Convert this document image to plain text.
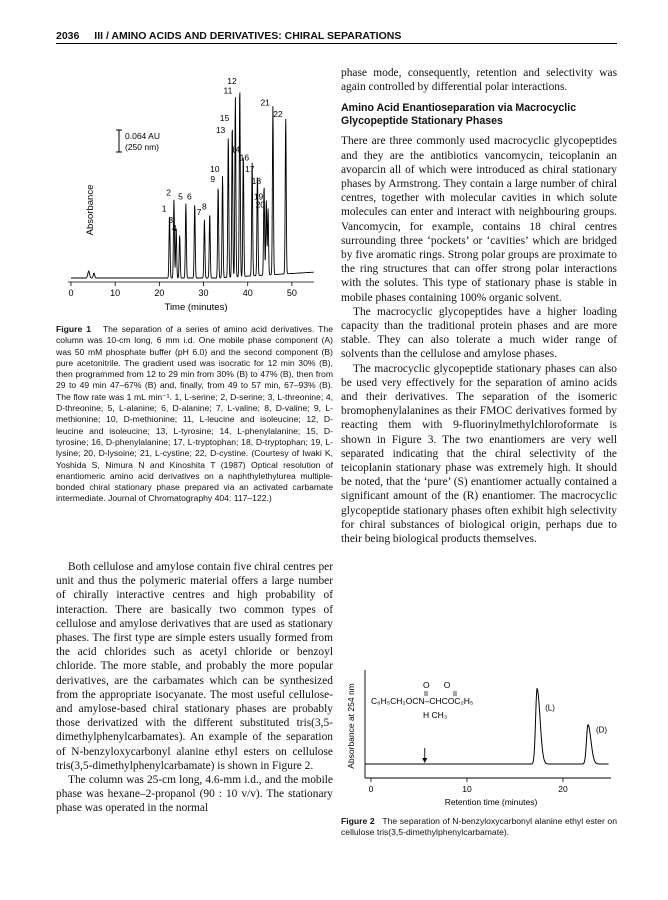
2036 III / AMINO ACIDS AND DERIVATIVES: CHIRAL SEPARATIONS
Absorbance
0.064 AU
(250 nm)
0	10	20	30	40	50
1
2
3
4
5 6
7
8
9
10
11
12
13
14
15
16
17
18
19
20
21
22
Time (minutes)
Figure 1 The separation of a series of amino acid derivatives. The column was 10-cm long, 6 mm i.d. One mobile phase component (A) was 50 mM phosphate buffer (pH 6.0) and the second component (B) pure acetonitrile. The gradient used was isocratic for 12 min 30% (B), then programmed from 12 to 29 min from 30% (B) to 47% (B), then from 29 to 49 min 47–67% (B) and, finally, from 49 to 57 min, 67–93% (B). The flow rate was 1 mL min⁻¹. 1, L-serine; 2, D-serine; 3, L-threonine; 4, D-threonine; 5, L-alanine; 6, D-alanine; 7, L-valine; 8, D-valine; 9, L-methionine; 10, D-methionine; 11, L-leucine and isoleucine; 12, D-leucine and isoleucine; 13, L-tyrosine; 14, L-phenylalanine; 15, D-tyrosine; 16, D-phenylalanine; 17, L-tryptophan; 18, D-tryptophan; 19, L-lysine; 20, D-lysoine; 21, L-cystine; 22, D-cystine. (Courtesy of Iwaki K, Yoshida S, Nimura N and Kinoshita T (1987) Optical resolution of enantiomeric amino acid derivatives on a naphthylethylurea multiple-bonded chiral stationary phase prepared via an activated carbamate intermediate. Journal of Chromatography 404: 117–122.)

Both cellulose and amylose contain five chiral centres per unit and thus the polymeric material offers a large number of chirally interactive centres and high probability of interaction. There are basically two common types of cellulose and amylose derivatives that are used as stationary phases. The first type are simple esters usually formed from the acid chlorides such as acetyl chloride or benzoyl chloride. The more stable, and probably the more popular derivatives, are the carbamates which can be synthesized from the appropriate isocyanate. The most useful cellulose- and amylose-based chiral stationary phases are probably those derivatized with the different substituted tris(3,5-dimethylphenylcarbamates). An example of the separation of N-benzyloxycarbonyl alanine ethyl esters on cellulose tris(3,5-dimethylphenylcarbamate) is shown in Figure 2.

The column was 25-cm long, 4.6-mm i.d., and the mobile phase was hexane–2-propanol (90 : 10 v/v). The stationary phase was operated in the normal

phase mode, consequently, retention and selectivity was again controlled by differential polar interactions.

Amino Acid Enantioseparation via Macrocyclic Glycopeptide Stationary Phases

There are three commonly used macrocyclic glycopeptides and they are the antibiotics vancomycin, teicoplanin an avoparcin all of which were introduced as chiral stationary phases by Armstrong. They contain a large number of chiral centres, together with molecular cavities in which solute molecules can enter and interact with neighbouring groups. Vancomycin, for example, contains 18 chiral centres surrounding three ‘pockets’ or ‘cavities’ which are bridged by five aromatic rings. Strong polar groups are proximate to the ring structures that can offer strong polar interactions with the solutes. This type of stationary phase is stable in mobile phases containing 100% organic solvent.

The macrocyclic glycopeptides have a higher loading capacity than the traditional protein phases and are more stable. They can also tolerate a much wider range of solvents than the cellulose and amylose phases.

The macrocyclic glycopeptide stationary phases can also be used very effectively for the separation of amino acids and their derivatives. The separation of the isomeric bromophenylalanines as their FMOC derivatives formed by reacting them with 9-fluorinylmethylchloroformate is shown in Figure 3. The two enantiomers are very well separated indicating that the chiral selectivity of the teicoplanin stationary phase was extremely high. It should be noted, that the ‘pure’ (S) enantiomer actually contained a significant amount of the (R) enantiomer. The macrocyclic glycopeptide stationary phases often exhibit high selectivity for chiral substances of biological origin, perhaps due to their being biological products themselves.

Absorbance at 254 nm	O      O
C₆H₅CH₂OCN–CHCOC₂H₅
H CH₃
0	10	20
(L)
(D)
Retention time (minutes)
Figure 2 The separation of N-benzyloxycarbonyl alanine ethyl ester on cellulose tris(3,5-dimethylphenylcarbamate).
